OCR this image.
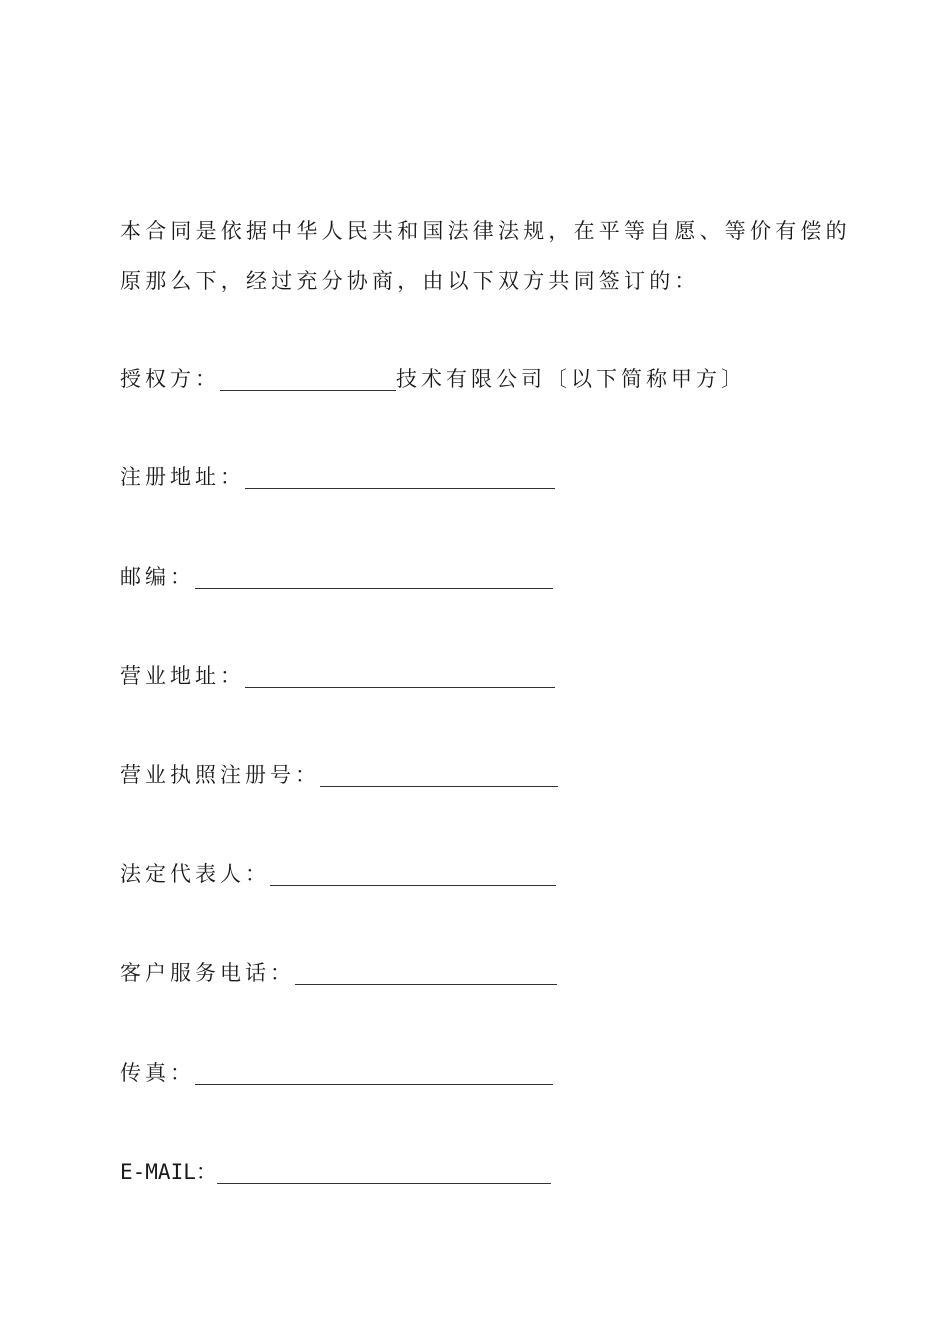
本合同是依据中华人民共和国法律法规，在平等自愿、等价有偿的
原那么下，经过充分协商，由以下双方共同签订的：

授权方：	技术有限公司〔以下简称甲方〕
注册地址：
邮编：
营业地址：
营业执照注册号：
法定代表人：
客户服务电话：
传真：
E-MAIL：
